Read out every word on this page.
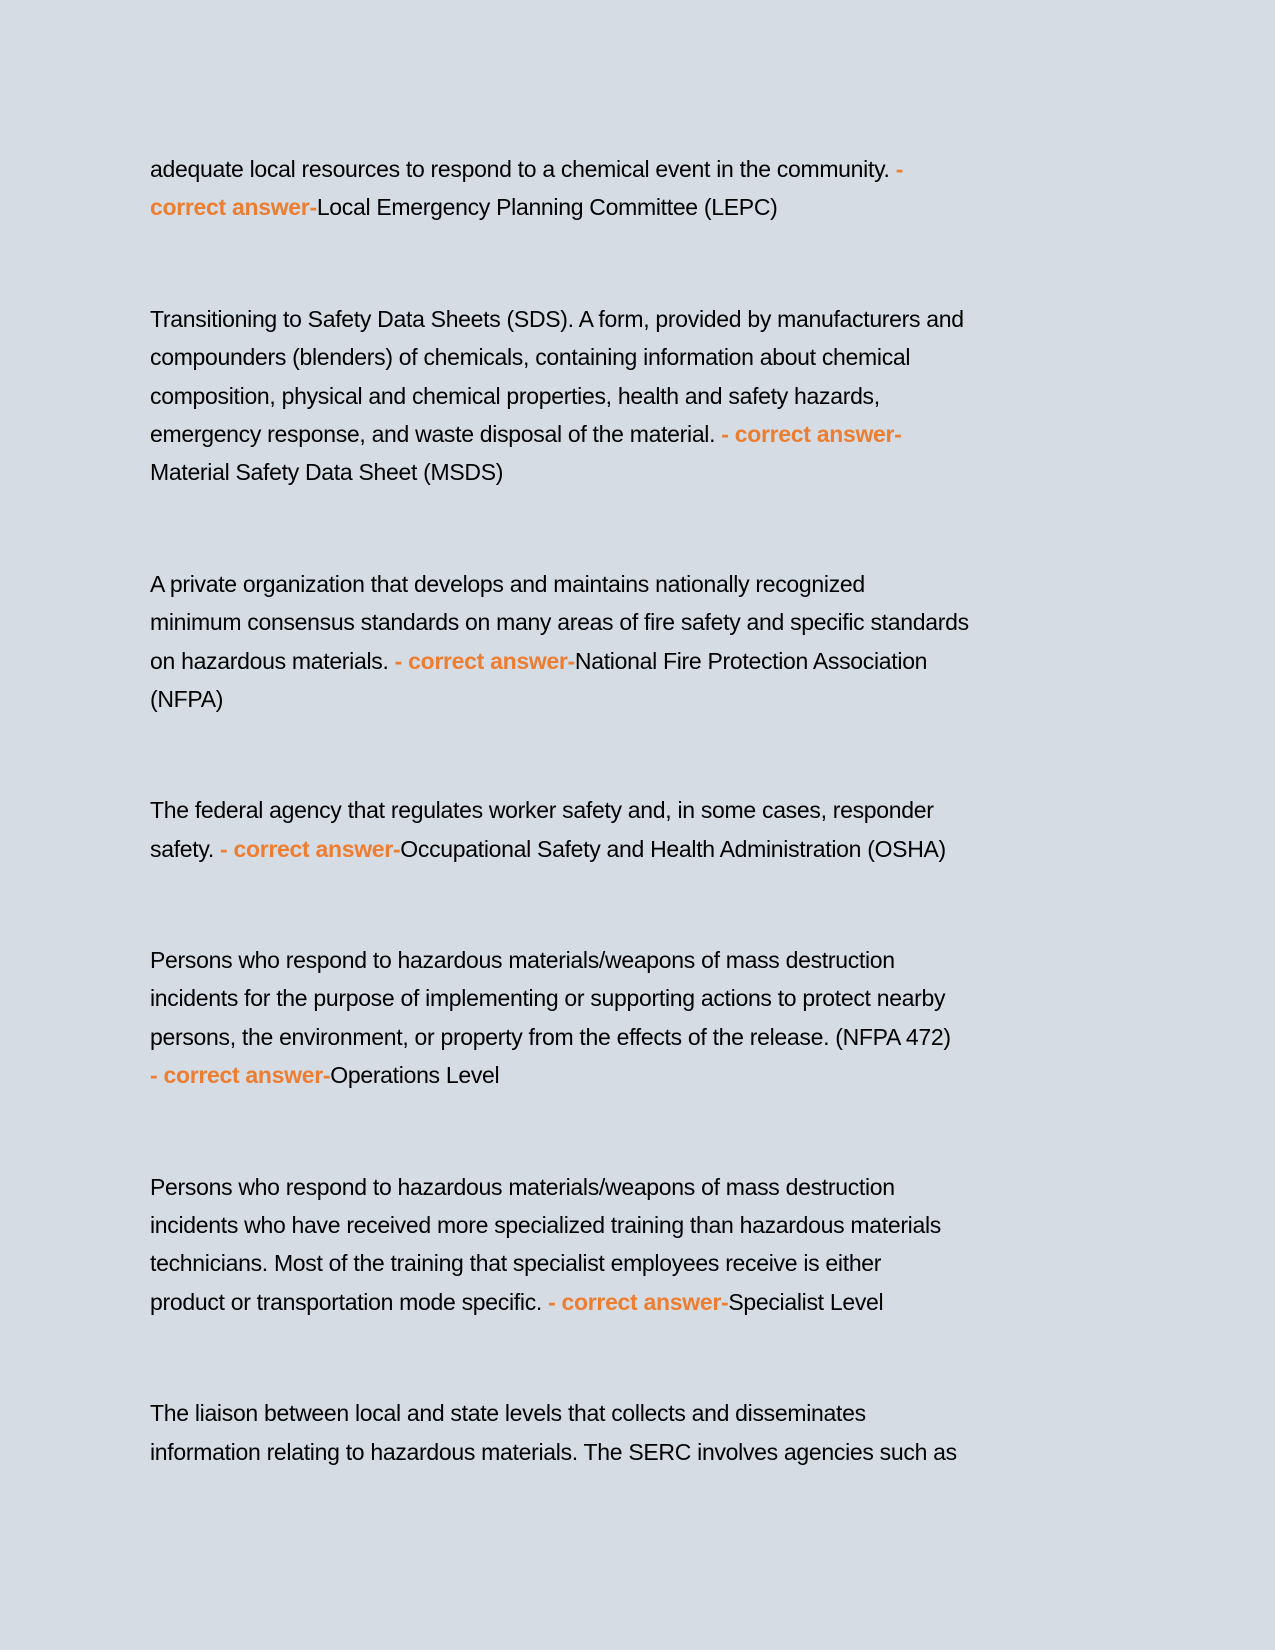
adequate local resources to respond to a chemical event in the community. -
correct answer-Local Emergency Planning Committee (LEPC)
Transitioning to Safety Data Sheets (SDS). A form, provided by manufacturers and
compounders (blenders) of chemicals, containing information about chemical
composition, physical and chemical properties, health and safety hazards,
emergency response, and waste disposal of the material. - correct answer-
Material Safety Data Sheet (MSDS)
A private organization that develops and maintains nationally recognized
minimum consensus standards on many areas of fire safety and specific standards
on hazardous materials. - correct answer-National Fire Protection Association
(NFPA)
The federal agency that regulates worker safety and, in some cases, responder
safety. - correct answer-Occupational Safety and Health Administration (OSHA)
Persons who respond to hazardous materials/weapons of mass destruction
incidents for the purpose of implementing or supporting actions to protect nearby
persons, the environment, or property from the effects of the release. (NFPA 472)
- correct answer-Operations Level
Persons who respond to hazardous materials/weapons of mass destruction
incidents who have received more specialized training than hazardous materials
technicians. Most of the training that specialist employees receive is either
product or transportation mode specific. - correct answer-Specialist Level
The liaison between local and state levels that collects and disseminates
information relating to hazardous materials. The SERC involves agencies such as
